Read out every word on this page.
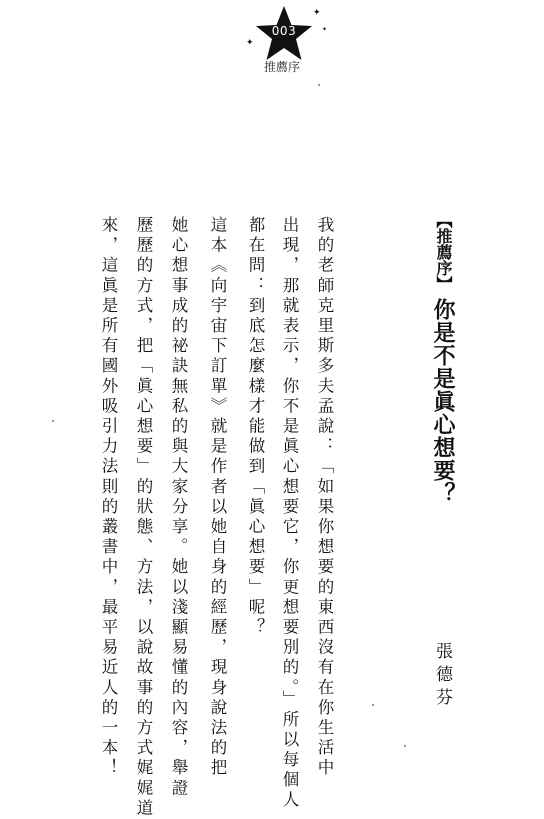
003
✦
✦
✦
推薦序
【推薦序】你是不是眞心想要？
張德芬
我的老師克里斯多夫孟說：「如果你想要的東西沒有在你生活中
出現，那就表示，你不是眞心想要它，你更想要別的。」所以每個人
都在問：到底怎麼樣才能做到「眞心想要」呢？
這本《向宇宙下訂單》就是作者以她自身的經歷，現身說法的把
她心想事成的祕訣無私的與大家分享。她以淺顯易懂的內容，舉證
歷歷的方式，把「眞心想要」的狀態、方法，以說故事的方式娓娓道
來，這眞是所有國外吸引力法則的叢書中，最平易近人的一本！
